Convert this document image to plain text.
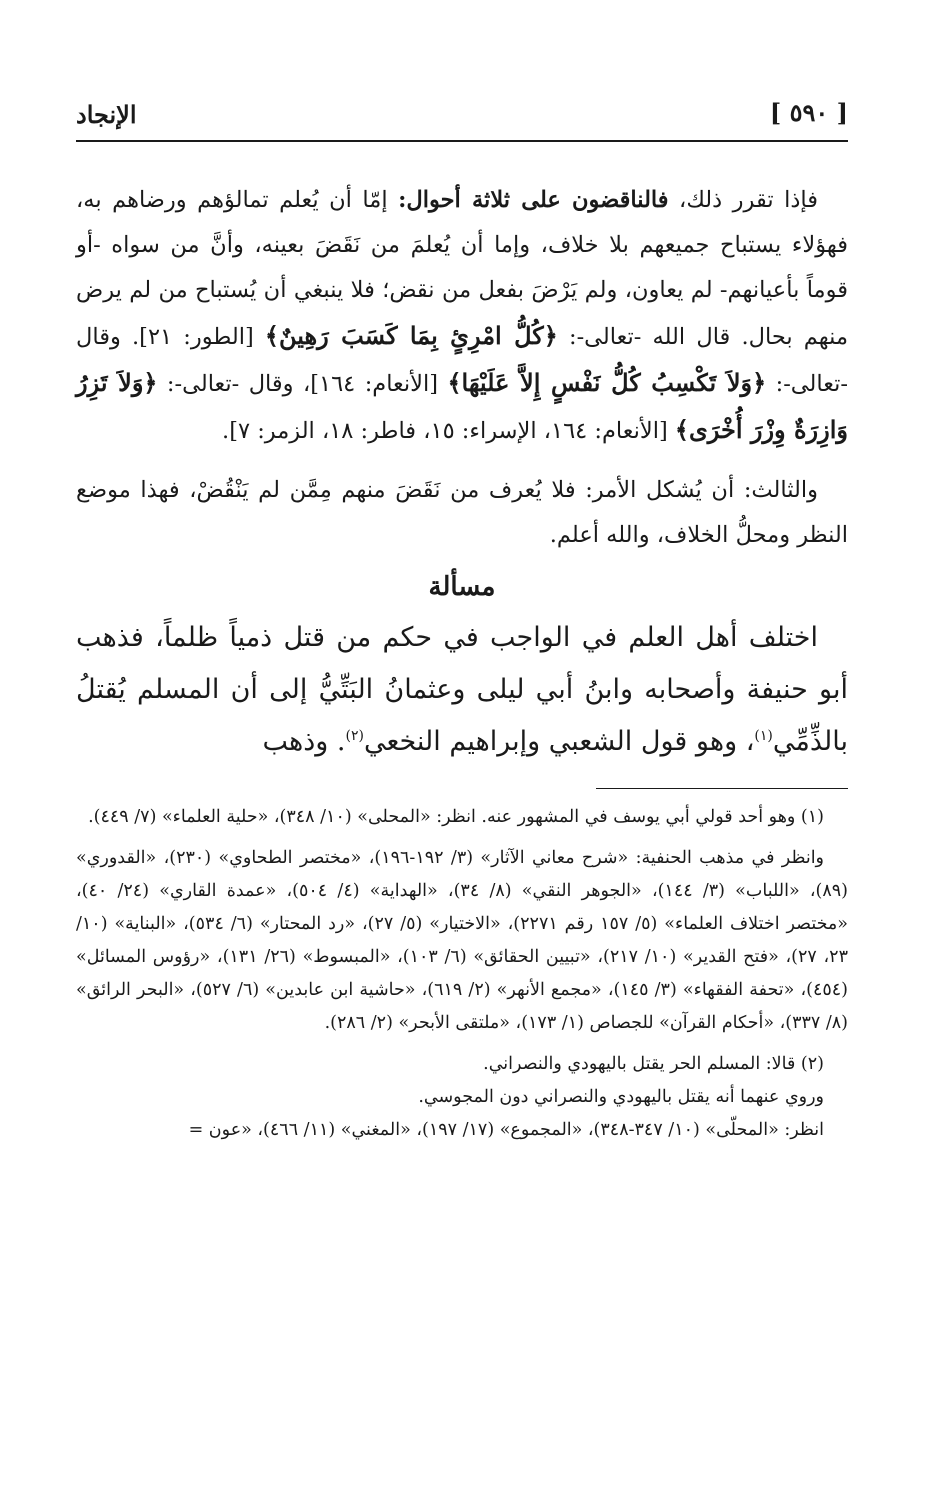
[ ٥٩٠ ]
الإنجاد

فإذا تقرر ذلك، فالناقضون على ثلاثة أحوال: إمّا أن يُعلم تمالؤهم ورضاهم به، فهؤلاء يستباح جميعهم بلا خلاف، وإما أن يُعلمَ من نَقَضَ بعينه، وأنَّ من سواه -أو قوماً بأعيانهم- لم يعاون، ولم يَرْضَ بفعل من نقض؛ فلا ينبغي أن يُستباح من لم يرض منهم بحال. قال الله -تعالى-: ﴿كُلُّ امْرِئٍ بِمَا كَسَبَ رَهِينٌ﴾ [الطور: ٢١]. وقال -تعالى-: ﴿وَلاَ تَكْسِبُ كُلُّ نَفْسٍ إِلاَّ عَلَيْهَا﴾ [الأنعام: ١٦٤]، وقال -تعالى-: ﴿وَلاَ تَزِرُ وَازِرَةٌ وِزْرَ أُخْرَى﴾ [الأنعام: ١٦٤، الإسراء: ١٥، فاطر: ١٨، الزمر: ٧].

والثالث: أن يُشكل الأمر: فلا يُعرف من نَقَضَ منهم مِمَّن لم يَنْقُضْ، فهذا موضع النظر ومحلُّ الخلاف، والله أعلم.

مسألة

اختلف أهل العلم في الواجب في حكم من قتل ذمياً ظلماً، فذهب أبو حنيفة وأصحابه وابنُ أبي ليلى وعثمانُ البَتِّيُّ إلى أن المسلم يُقتلُ بالذِّمِّي$^{(١)}$، وهو قول الشعبي وإبراهيم النخعي$^{(٢)}$. وذهب

(١) وهو أحد قولي أبي يوسف في المشهور عنه. انظر: «المحلى» (١٠/ ٣٤٨)، «حلية العلماء» (٧/ ٤٤٩).

وانظر في مذهب الحنفية: «شرح معاني الآثار» (٣/ ١٩٢-١٩٦)، «مختصر الطحاوي» (٢٣٠)، «القدوري» (٨٩)، «اللباب» (٣/ ١٤٤)، «الجوهر النقي» (٨/ ٣٤)، «الهداية» (٤/ ٥٠٤)، «عمدة القاري» (٢٤/ ٤٠)، «مختصر اختلاف العلماء» (٥/ ١٥٧ رقم ٢٢٧١)، «الاختيار» (٥/ ٢٧)، «رد المحتار» (٦/ ٥٣٤)، «البناية» (١٠/ ٢٣، ٢٧)، «فتح القدير» (١٠/ ٢١٧)، «تبيين الحقائق» (٦/ ١٠٣)، «المبسوط» (٢٦/ ١٣١)، «رؤوس المسائل» (٤٥٤)، «تحفة الفقهاء» (٣/ ١٤٥)، «مجمع الأنهر» (٢/ ٦١٩)، «حاشية ابن عابدين» (٦/ ٥٢٧)، «البحر الرائق» (٨/ ٣٣٧)، «أحكام القرآن» للجصاص (١/ ١٧٣)، «ملتقى الأبحر» (٢/ ٢٨٦).

(٢) قالا: المسلم الحر يقتل باليهودي والنصراني.

وروي عنهما أنه يقتل باليهودي والنصراني دون المجوسي.

انظر: «المحلّى» (١٠/ ٣٤٧-٣٤٨)، «المجموع» (١٧/ ١٩٧)، «المغني» (١١/ ٤٦٦)، «عون =
